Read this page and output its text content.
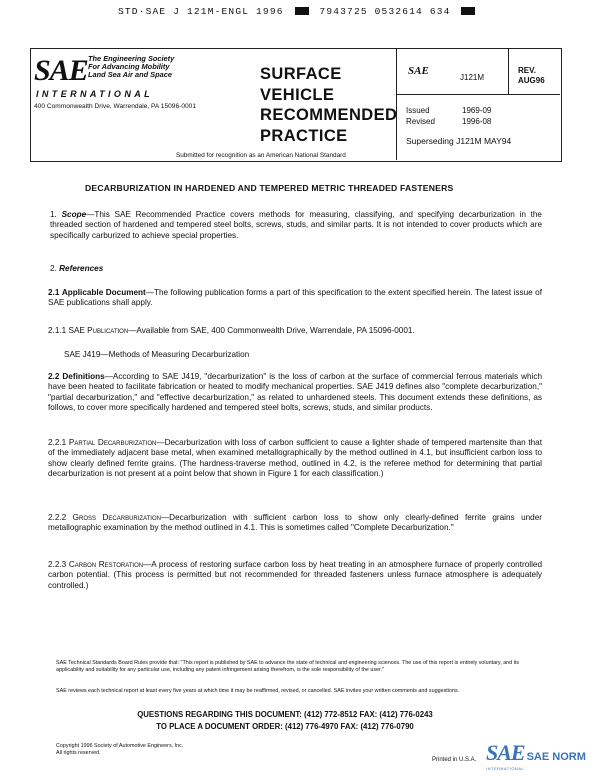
STD·SAE J 121M-ENGL 1996	7943725 0532614 634
SAE The Engineering Society
For Advancing Mobility
Land Sea Air and Space
INTERNATIONAL
400 Commonwealth Drive, Warrendale, PA 15096-0001
SURFACE
VEHICLE
RECOMMENDED
PRACTICE
SAE
J121M
REV.
AUG96
Issued
Revised
1969-09
1996-08
Superseding J121M MAY94
Submitted for recognition as an American National Standard
DECARBURIZATION IN HARDENED AND TEMPERED METRIC THREADED FASTENERS
1. Scope—This SAE Recommended Practice covers methods for measuring, classifying, and specifying decarburization in the threaded section of hardened and tempered steel bolts, screws, studs, and similar parts. It is not intended to cover products which are specifically carburized to achieve special properties.
2. References
2.1 Applicable Document—The following publication forms a part of this specification to the extent specified herein. The latest issue of SAE publications shall apply.
2.1.1 SAE Publication—Available from SAE, 400 Commonwealth Drive, Warrendale, PA 15096-0001.
SAE J419—Methods of Measuring Decarburization
2.2 Definitions—According to SAE J419, "decarburization" is the loss of carbon at the surface of commercial ferrous materials which have been heated to facilitate fabrication or heated to modify mechanical properties. SAE J419 defines also "complete decarburization," "partial decarburization," and "effective decarburization," as related to unhardened steels. This document extends these definitions, as follows, to cover more specifically hardened and tempered steel bolts, screws, studs, and similar products.
2.2.1 Partial Decarburization—Decarburization with loss of carbon sufficient to cause a lighter shade of tempered martensite than that of the immediately adjacent base metal, when examined metallographically by the method outlined in 4.1, but insufficient carbon loss to show clearly defined ferrite grains. (The hardness-traverse method, outlined in 4.2, is the referee method for determining that partial decarburization is not present at a point below that shown in Figure 1 for each classification.)
2.2.2 Gross Decarburization—Decarburization with sufficient carbon loss to show only clearly-defined ferrite grains under metallographic examination by the method outlined in 4.1. This is sometimes called "Complete Decarburization."
2.2.3 Carbon Restoration—A process of restoring surface carbon loss by heat treating in an atmosphere furnace of properly controlled carbon potential. (This process is permitted but not recommended for threaded fasteners unless furnace atmosphere is adequately controlled.)
SAE Technical Standards Board Rules provide that: "This report is published by SAE to advance the state of technical and engineering sciences. The use of this report is entirely voluntary, and its applicability and suitability for any particular use, including any patent infringement arising therefrom, is the sole responsibility of the user."
SAE reviews each technical report at least every five years at which time it may be reaffirmed, revised, or cancelled. SAE invites your written comments and suggestions.
QUESTIONS REGARDING THIS DOCUMENT: (412) 772-8512 FAX: (412) 776-0243
TO PLACE A DOCUMENT ORDER: (412) 776-4970 FAX: (412) 776-0790
Copyright 1996 Society of Automotive Engineers, Inc.
All rights reserved.
Printed in U.S.A. SAE SAE NORM
INTERNATIONAL
